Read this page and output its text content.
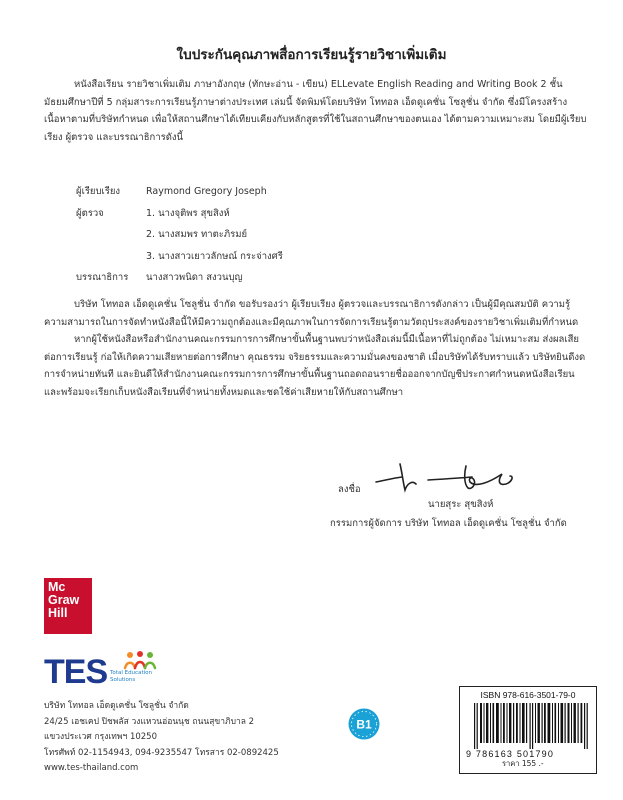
ใบประกันคุณภาพสื่อการเรียนรู้รายวิชาเพิ่มเติม

หนังสือเรียน รายวิชาเพิ่มเติม ภาษาอังกฤษ (ทักษะอ่าน - เขียน) ELLevate English Reading and Writing Book 2 ชั้นมัธยมศึกษาปีที่ 5 กลุ่มสาระการเรียนรู้ภาษาต่างประเทศ เล่มนี้ จัดพิมพ์โดยบริษัท โททอล เอ็ดดูเคชั่น โซลูชั่น จำกัด ซึ่งมีโครงสร้างเนื้อหาตามที่บริษัทกำหนด เพื่อให้สถานศึกษาได้เทียบเคียงกับหลักสูตรที่ใช้ในสถานศึกษาของตนเอง ได้ตามความเหมาะสม โดยมีผู้เรียบเรียง ผู้ตรวจ และบรรณาธิการดังนี้

ผู้เรียบเรียง	Raymond Gregory Joseph
ผู้ตรวจ	1. นางจุติพร สุขสิงห์
2. นางสมพร ทาตะภิรมย์
3. นางสาวเยาวลักษณ์ กระจ่างศรี
บรรณาธิการ	นางสาวพนิดา สงวนบุญ

บริษัท โททอล เอ็ดดูเคชั่น โซลูชั่น จำกัด ขอรับรองว่า ผู้เรียบเรียง ผู้ตรวจและบรรณาธิการดังกล่าว เป็นผู้มีคุณสมบัติ ความรู้ ความสามารถในการจัดทำหนังสือนี้ให้มีความถูกต้องและมีคุณภาพในการจัดการเรียนรู้ตามวัตถุประสงค์ของรายวิชาเพิ่มเติมที่กำหนด

หากผู้ใช้หนังสือหรือสำนักงานคณะกรรมการการศึกษาขั้นพื้นฐานพบว่าหนังสือเล่มนี้มีเนื้อหาที่ไม่ถูกต้อง ไม่เหมาะสม ส่งผลเสียต่อการเรียนรู้ ก่อให้เกิดความเสียหายต่อการศึกษา คุณธรรม จริยธรรมและความมั่นคงของชาติ เมื่อบริษัทได้รับทราบแล้ว บริษัทยินดีงดการจำหน่ายทันที และยินดีให้สำนักงานคณะกรรมการการศึกษาขั้นพื้นฐานถอดถอนรายชื่อออกจากบัญชีประกาศกำหนดหนังสือเรียน และพร้อมจะเรียกเก็บหนังสือเรียนที่จำหน่ายทั้งหมดและชดใช้ค่าเสียหายให้กับสถานศึกษา

ลงชื่อ
นายสุระ สุขสิงห์
กรรมการผู้จัดการ บริษัท โททอล เอ็ดดูเคชั่น โซลูชั่น จำกัด
Mc
Graw
Hill
TES Total Education
Solutions
บริษัท โททอล เอ็ดดูเคชั่น โซลูชั่น จำกัด
24/25 เอชเคป ปิชพลัส วงแหวนอ่อนนุช ถนนสุขาภิบาล 2
แขวงประเวศ กรุงเทพฯ 10250
โทรศัพท์ 02-1154943, 094-9235547 โทรสาร 02-0892425
www.tes-thailand.com
B1
ISBN 978-616-3501-79-0
9 786163 501790
ราคา 155 .-
